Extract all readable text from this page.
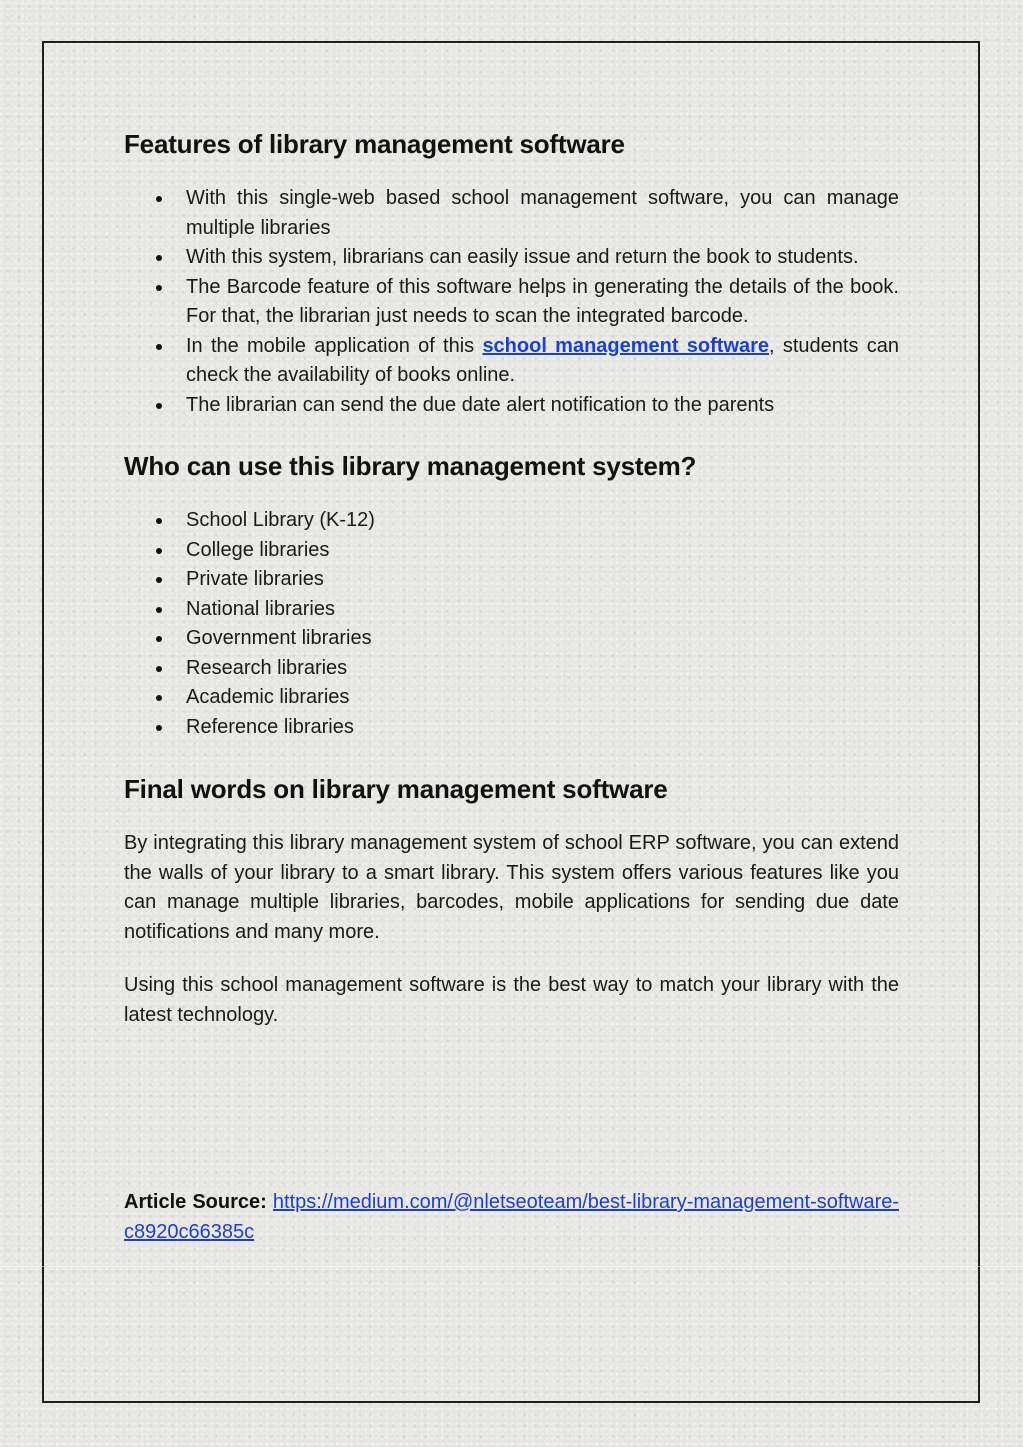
Features of library management software
With this single-web based school management software, you can manage multiple libraries
With this system, librarians can easily issue and return the book to students.
The Barcode feature of this software helps in generating the details of the book. For that, the librarian just needs to scan the integrated barcode.
In the mobile application of this school management software, students can check the availability of books online.
The librarian can send the due date alert notification to the parents
Who can use this library management system?
School Library (K-12)
College libraries
Private libraries
National libraries
Government libraries
Research libraries
Academic libraries
Reference libraries
Final words on library management software

By integrating this library management system of school ERP software, you can extend the walls of your library to a smart library. This system offers various features like you can manage multiple libraries, barcodes, mobile applications for sending due date notifications and many more.

Using this school management software is the best way to match your library with the latest technology.

Article Source: https://medium.com/@nletseoteam/best-library-management-software-c8920c66385c
